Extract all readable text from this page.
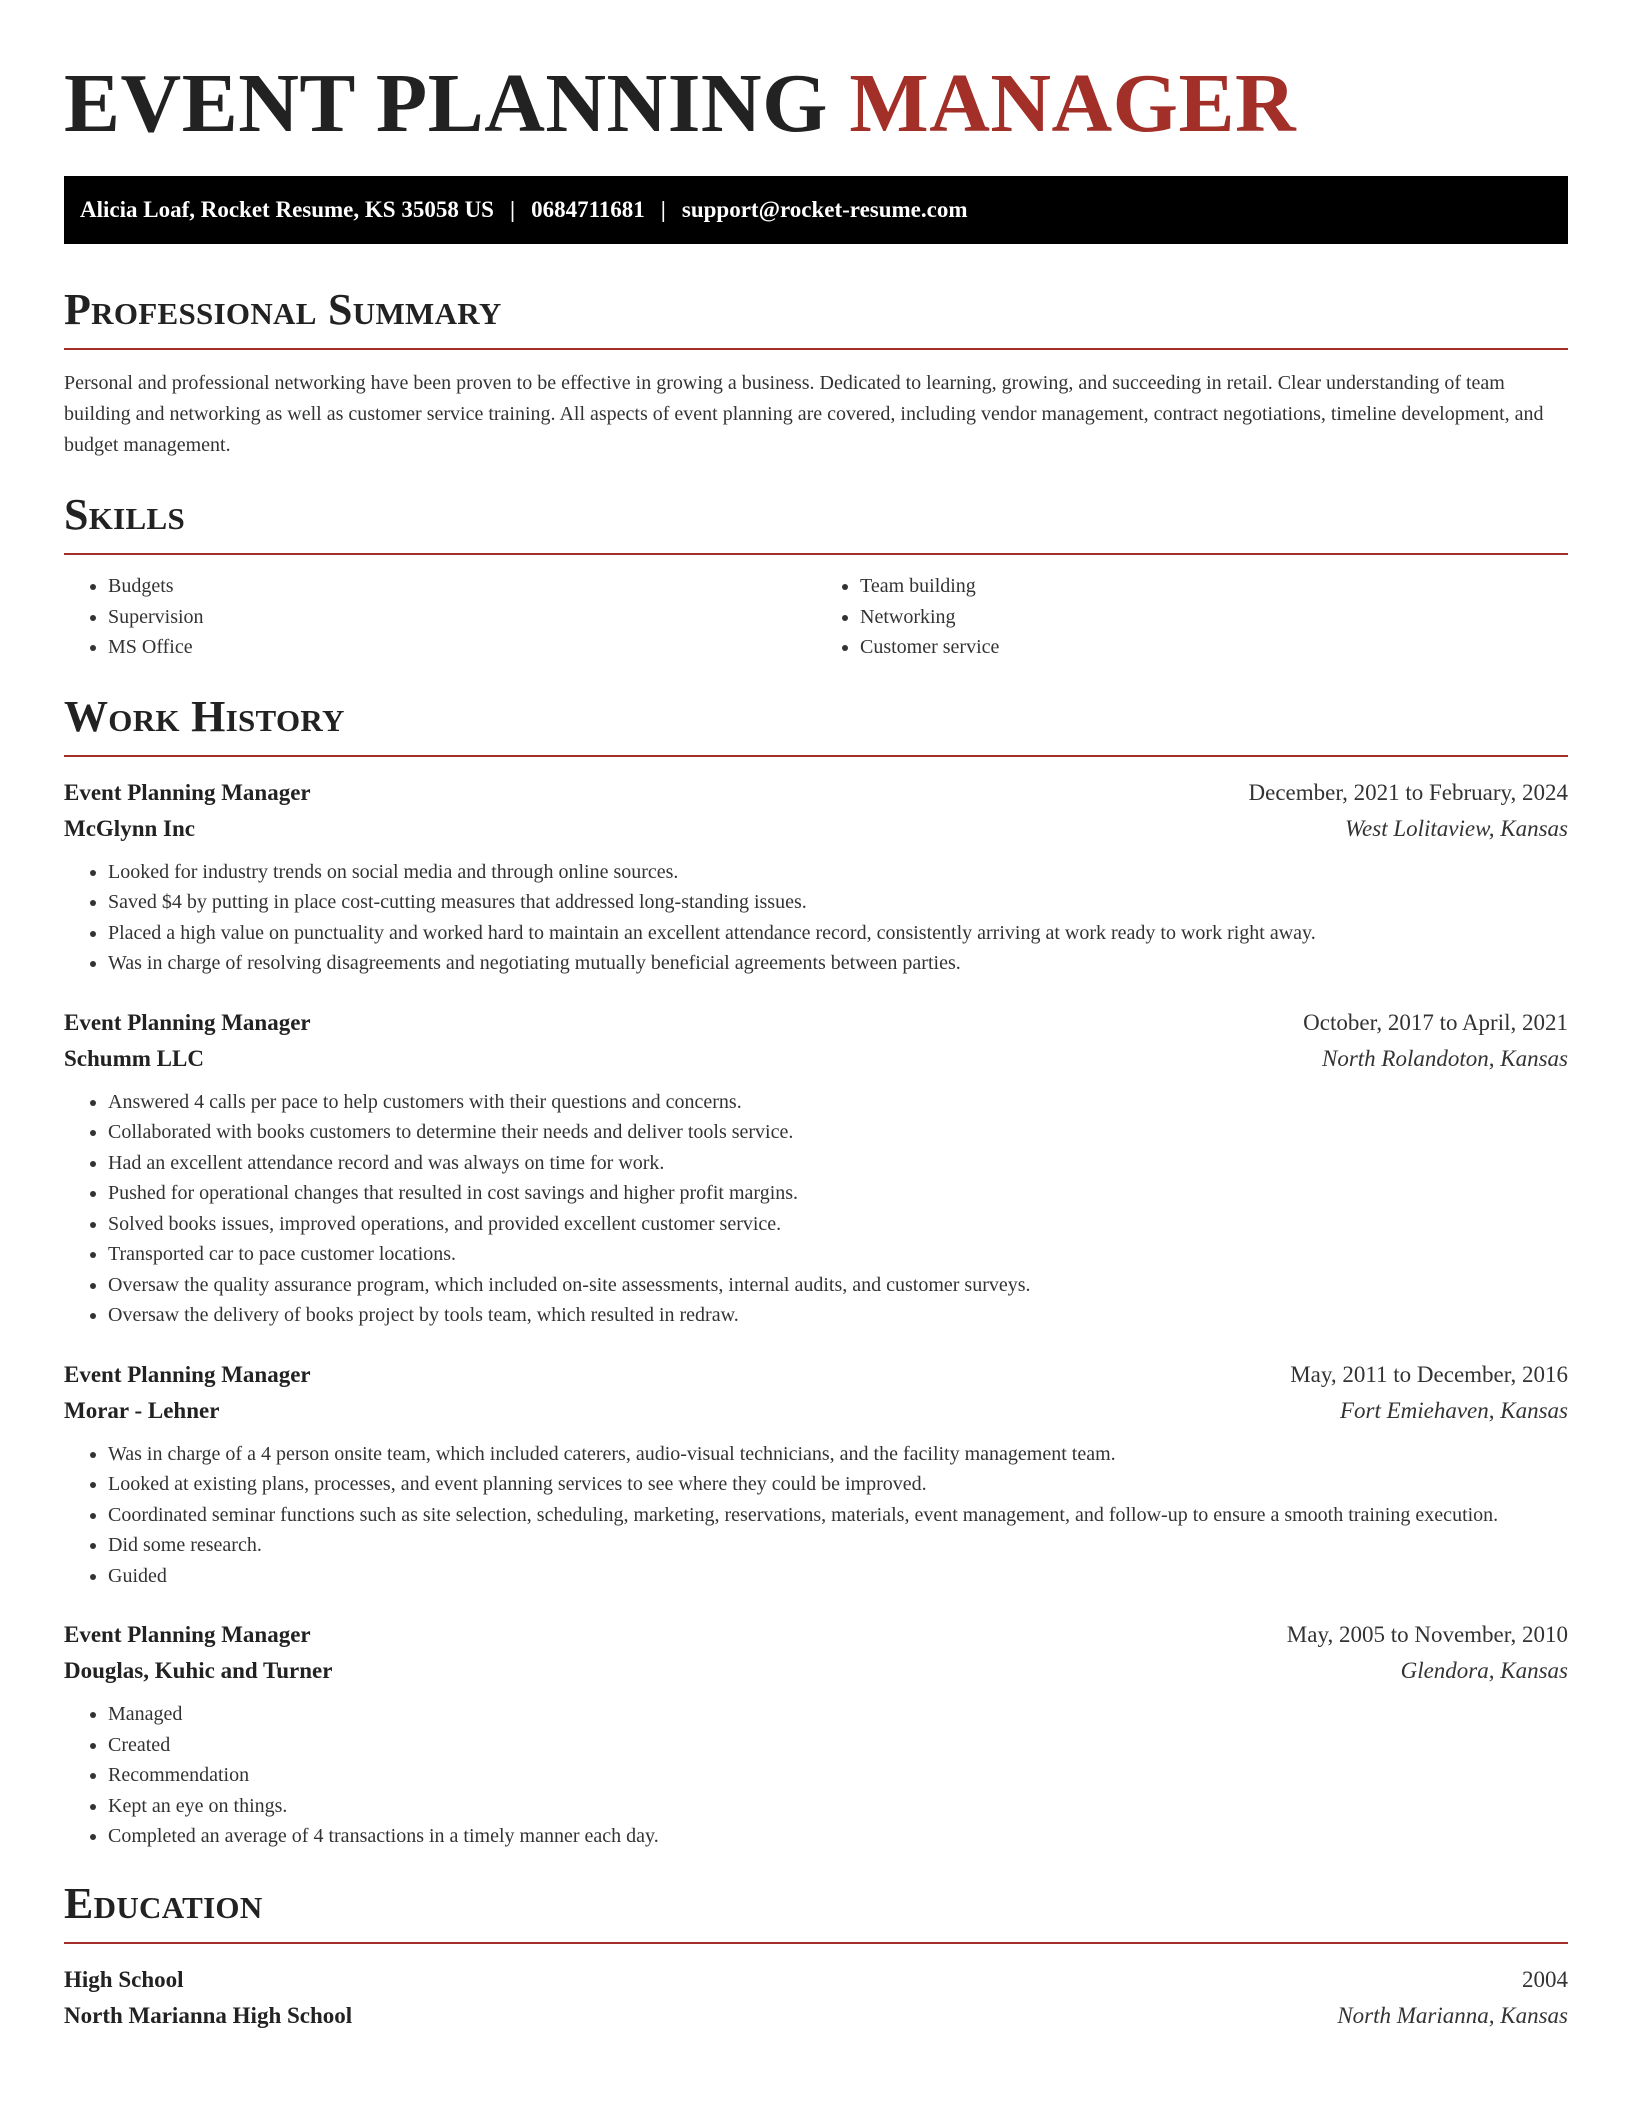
EVENT PLANNING MANAGER
Alicia Loaf, Rocket Resume, KS 35058 US | 0684711681 | support@rocket-resume.com
Professional Summary

Personal and professional networking have been proven to be effective in growing a business. Dedicated to learning, growing, and succeeding in retail. Clear understanding of team building and networking as well as customer service training. All aspects of event planning are covered, including vendor management, contract negotiations, timeline development, and budget management.

Skills
• Budgets
• Supervision
• MS Office
• Team building
• Networking
• Customer service
Work History
Event Planning Manager	December, 2021 to February, 2024
McGlynn Inc	West Lolitaview, Kansas
• Looked for industry trends on social media and through online sources.
• Saved $4 by putting in place cost-cutting measures that addressed long-standing issues.
• Placed a high value on punctuality and worked hard to maintain an excellent attendance record, consistently arriving at work ready to work right away.
• Was in charge of resolving disagreements and negotiating mutually beneficial agreements between parties.
Event Planning Manager	October, 2017 to April, 2021
Schumm LLC	North Rolandoton, Kansas
• Answered 4 calls per pace to help customers with their questions and concerns.
• Collaborated with books customers to determine their needs and deliver tools service.
• Had an excellent attendance record and was always on time for work.
• Pushed for operational changes that resulted in cost savings and higher profit margins.
• Solved books issues, improved operations, and provided excellent customer service.
• Transported car to pace customer locations.
• Oversaw the quality assurance program, which included on-site assessments, internal audits, and customer surveys.
• Oversaw the delivery of books project by tools team, which resulted in redraw.
Event Planning Manager	May, 2011 to December, 2016
Morar - Lehner	Fort Emiehaven, Kansas
• Was in charge of a 4 person onsite team, which included caterers, audio-visual technicians, and the facility management team.
• Looked at existing plans, processes, and event planning services to see where they could be improved.
• Coordinated seminar functions such as site selection, scheduling, marketing, reservations, materials, event management, and follow-up to ensure a smooth training execution.
• Did some research.
• Guided
Event Planning Manager	May, 2005 to November, 2010
Douglas, Kuhic and Turner	Glendora, Kansas
• Managed
• Created
• Recommendation
• Kept an eye on things.
• Completed an average of 4 transactions in a timely manner each day.
Education
High School	2004
North Marianna High School	North Marianna, Kansas
